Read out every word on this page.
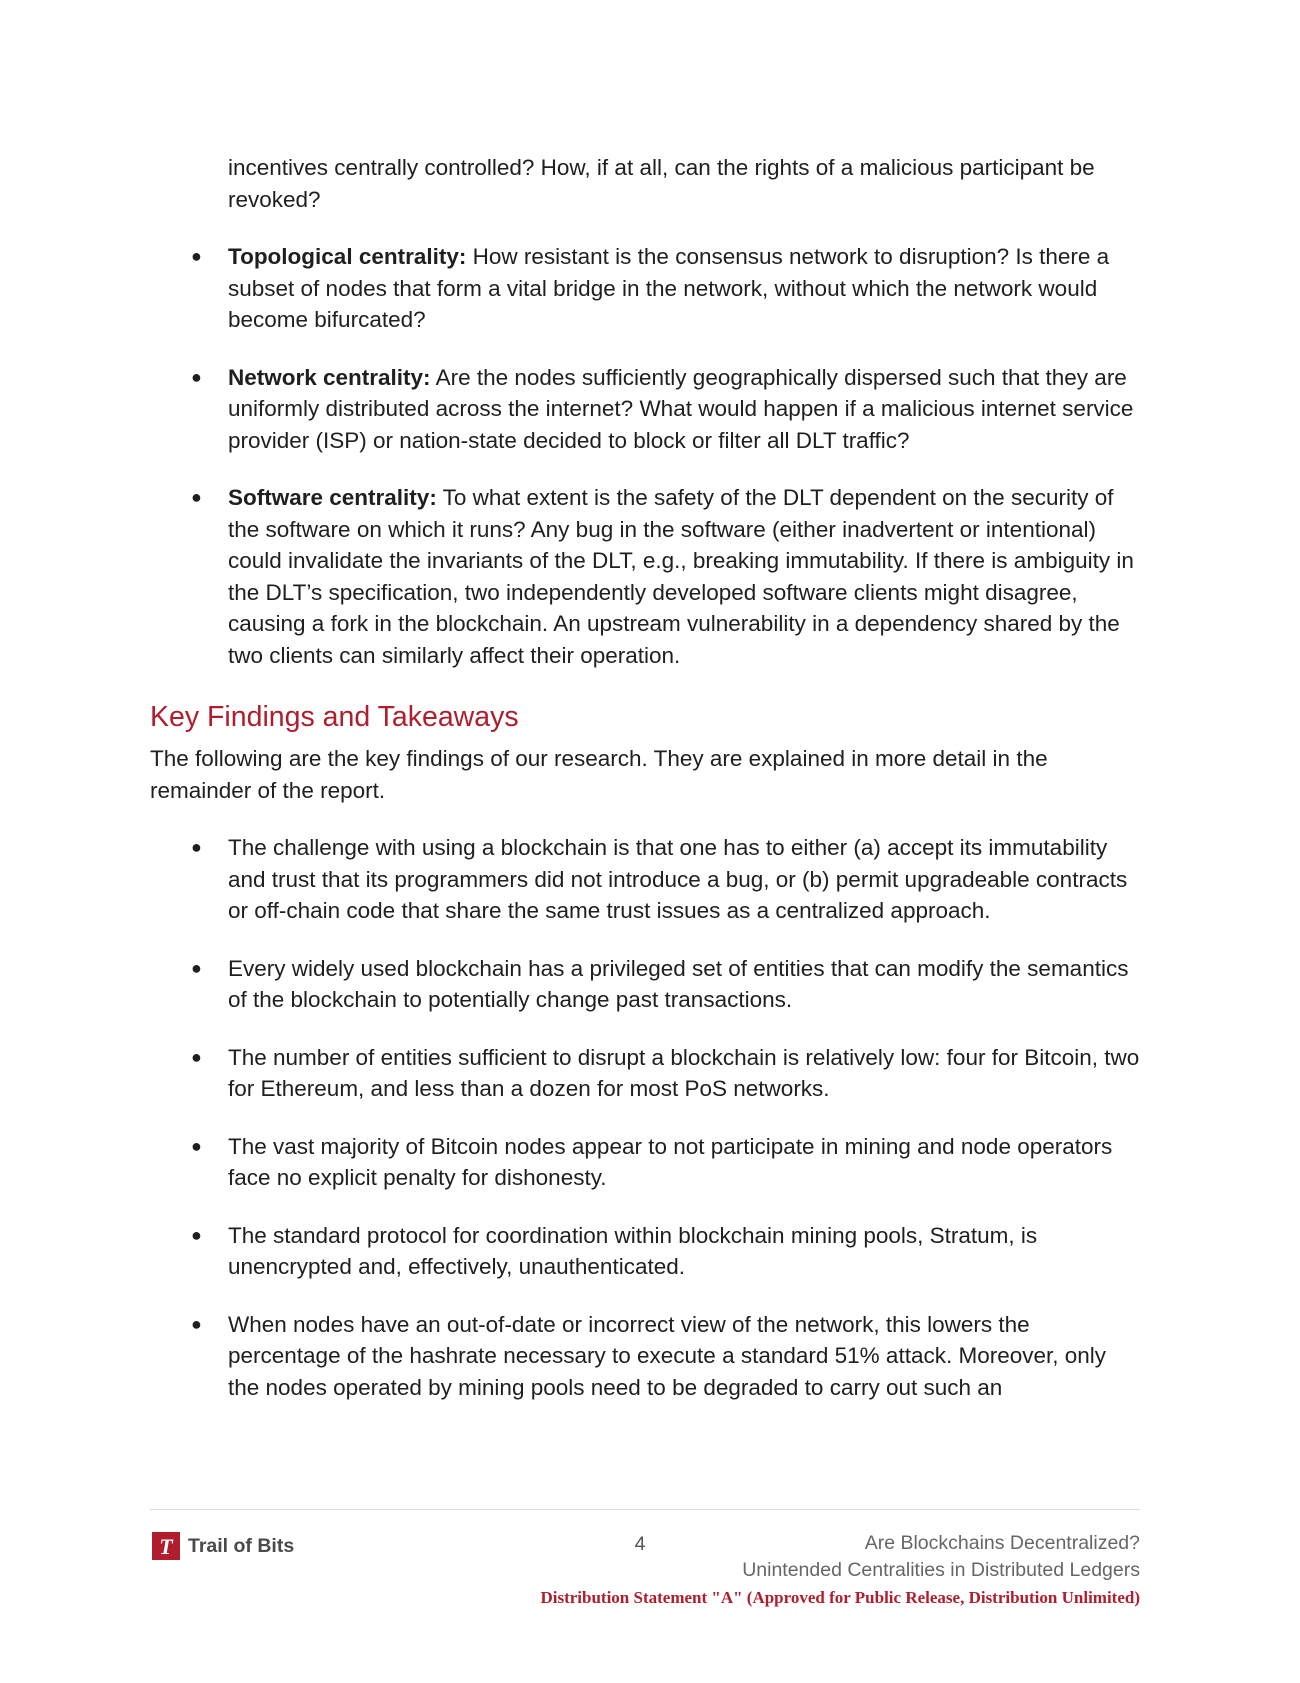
incentives centrally controlled? How, if at all, can the rights of a malicious participant be revoked?

● Topological centrality: How resistant is the consensus network to disruption? Is there a subset of nodes that form a vital bridge in the network, without which the network would become bifurcated?
● Network centrality: Are the nodes sufficiently geographically dispersed such that they are uniformly distributed across the internet? What would happen if a malicious internet service provider (ISP) or nation-state decided to block or filter all DLT traffic?
● Software centrality: To what extent is the safety of the DLT dependent on the security of the software on which it runs? Any bug in the software (either inadvertent or intentional) could invalidate the invariants of the DLT, e.g., breaking immutability. If there is ambiguity in the DLT’s specification, two independently developed software clients might disagree, causing a fork in the blockchain. An upstream vulnerability in a dependency shared by the two clients can similarly affect their operation.
Key Findings and Takeaways

The following are the key findings of our research. They are explained in more detail in the remainder of the report.

● The challenge with using a blockchain is that one has to either (a) accept its immutability and trust that its programmers did not introduce a bug, or (b) permit upgradeable contracts or off-chain code that share the same trust issues as a centralized approach.
● Every widely used blockchain has a privileged set of entities that can modify the semantics of the blockchain to potentially change past transactions.
● The number of entities sufficient to disrupt a blockchain is relatively low: four for Bitcoin, two for Ethereum, and less than a dozen for most PoS networks.
● The vast majority of Bitcoin nodes appear to not participate in mining and node operators face no explicit penalty for dishonesty.
● The standard protocol for coordination within blockchain mining pools, Stratum, is unencrypted and, effectively, unauthenticated.
● When nodes have an out-of-date or incorrect view of the network, this lowers the percentage of the hashrate necessary to execute a standard 51% attack. Moreover, only the nodes operated by mining pools need to be degraded to carry out such an
T Trail of Bits	4	Are Blockchains Decentralized?
Unintended Centralities in Distributed Ledgers
Distribution Statement "A" (Approved for Public Release, Distribution Unlimited)
